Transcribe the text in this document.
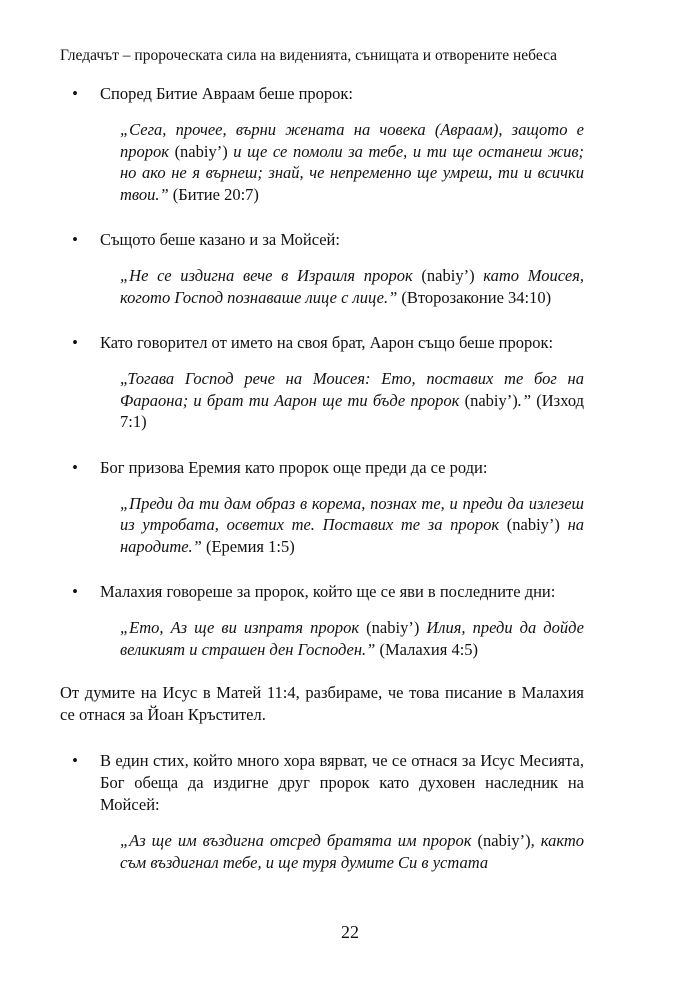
Гледачът – пророческата сила на виденията, сънищата и отворените небеса
• Според Битие Авраам беше пророк:
„Сега, прочее, върни жената на човека (Авраам), защото е пророк (nabiy’) и ще се помоли за тебе, и ти ще останеш жив; но ако не я върнеш; знай, че непременно ще умреш, ти и всички твои.” (Битие 20:7)
• Същото беше казано и за Мойсей:
„Не се издигна вече в Израиля пророк (nabiy’) като Моисея, когото Господ познаваше лице с лице.” (Второзаконие 34:10)
• Като говорител от името на своя брат, Аарон също беше пророк:
„Тогава Господ рече на Моисея: Ето, поставих те бог на Фараона; и брат ти Аарон ще ти бъде пророк (nabiy’).” (Изход 7:1)
• Бог призова Еремия като пророк още преди да се роди:
„Преди да ти дам образ в корема, познах те, и преди да излезеш из утробата, осветих те. Поставих те за пророк (nabiy’) на народите.” (Еремия 1:5)
• Малахия говореше за пророк, който ще се яви в последните дни:
„Ето, Аз ще ви изпратя пророк (nabiy’) Илия, преди да дойде великият и страшен ден Господен.” (Малахия 4:5)
От думите на Исус в Матей 11:4, разбираме, че това писание в Малахия се отнася за Йоан Кръстител.
• В един стих, който много хора вярват, че се отнася за Исус Месията, Бог обеща да издигне друг пророк като духовен наследник на Мойсей:
„Аз ще им въздигна отсред братята им пророк (nabiy’), както съм въздигнал тебе, и ще туря думите Си в устата
22
